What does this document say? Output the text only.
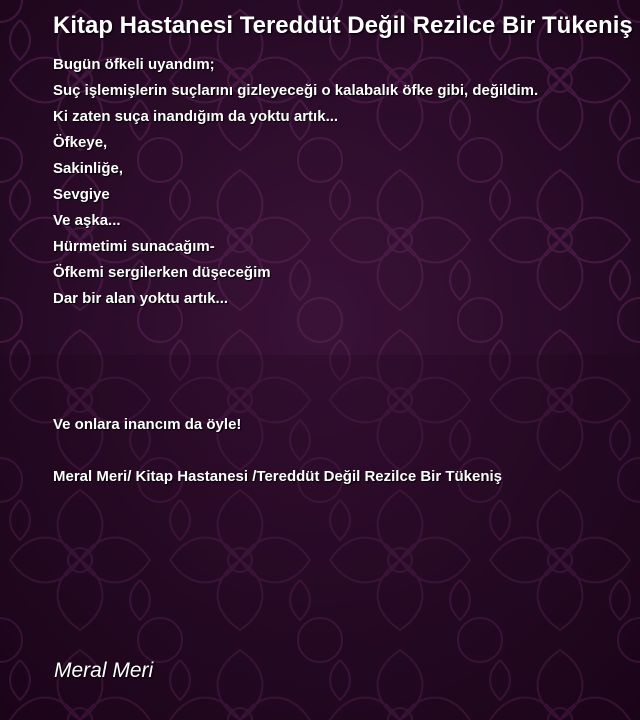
Kitap Hastanesi Tereddüt Değil Rezilce Bir Tükeniş
Bugün öfkeli uyandım;
Suç işlemişlerin suçlarını gizleyeceği o kalabalık öfke gibi, değildim.
Ki zaten suça inandığım da yoktu artık...
Öfkeye,
Sakinliğe,
Sevgiye
Ve aşka...
Hürmetimi sunacağım-
Öfkemi sergilerken düşeceğim
Dar bir alan yoktu artık...
Ve onlara inancım da öyle!
Meral Meri/ Kitap Hastanesi /Tereddüt Değil Rezilce Bir Tükeniş
Meral Meri
